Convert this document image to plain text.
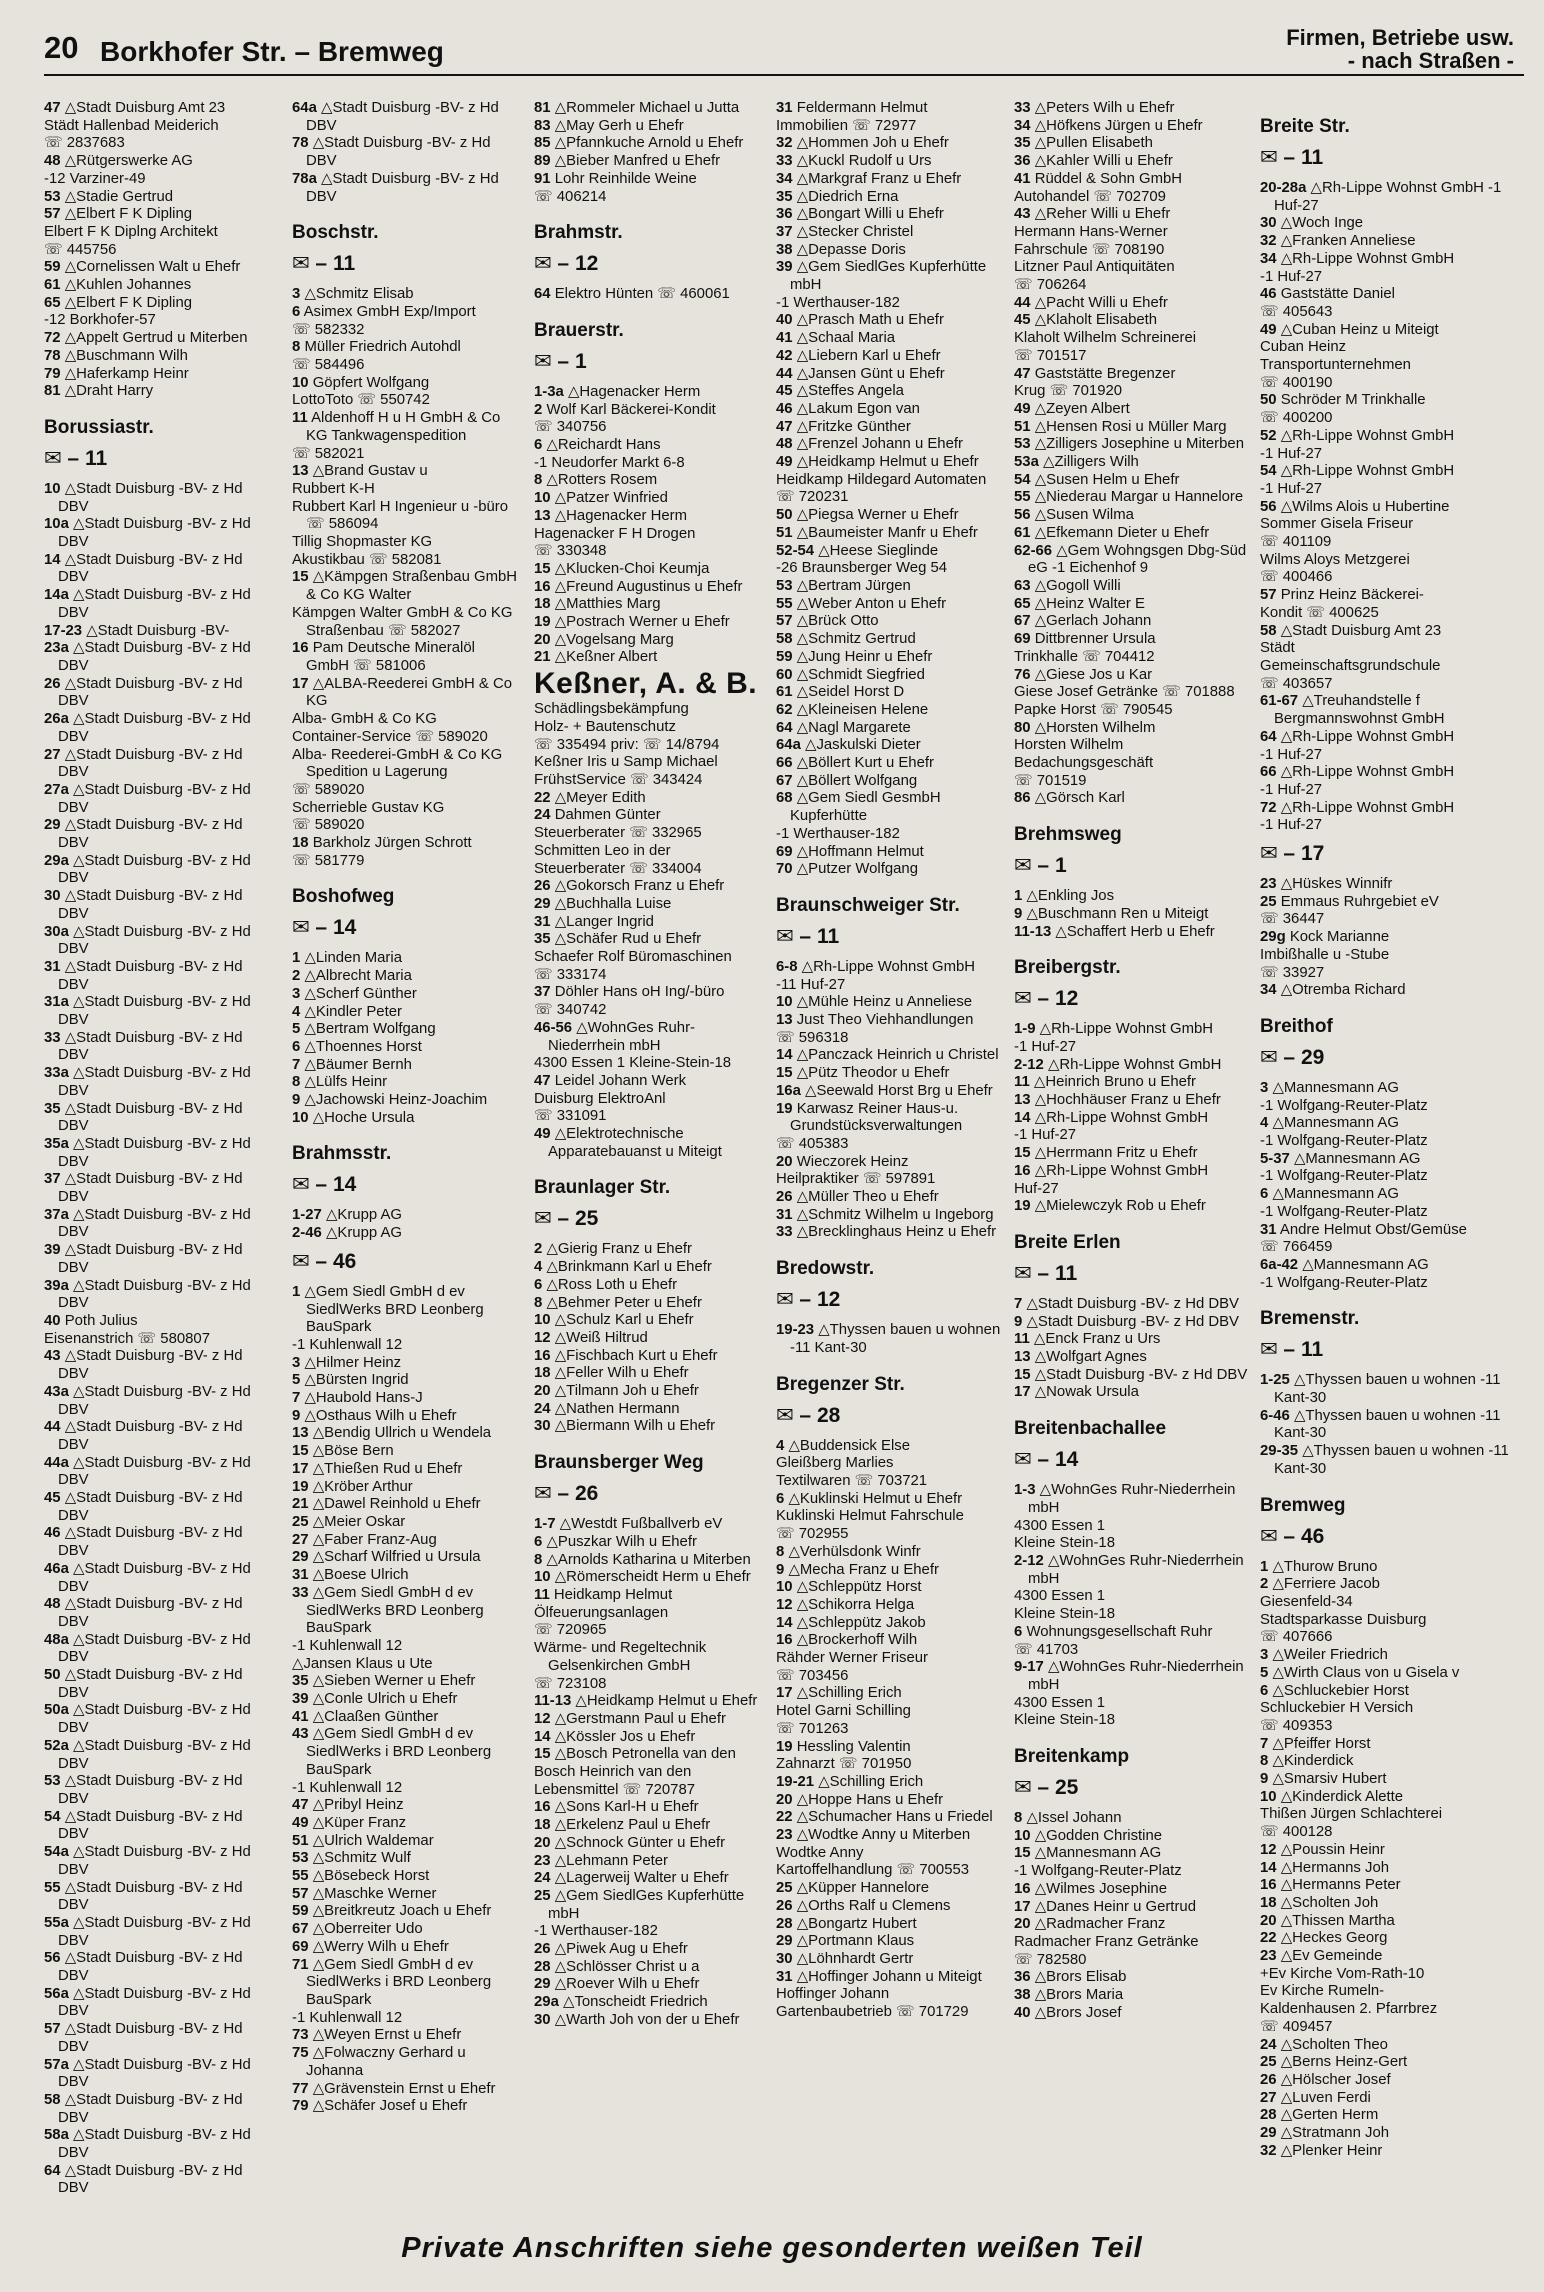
20 Borkhofer Str. – Bremweg	Firmen, Betriebe usw.
- nach Straßen -
47 △Stadt Duisburg Amt 23
Städt Hallenbad Meiderich
☏ 2837683
48 △Rütgerswerke AG
-12 Varziner-49
53 △Stadie Gertrud
57 △Elbert F K Dipling
Elbert F K Diplng Architekt
☏ 445756
59 △Cornelissen Walt u Ehefr
61 △Kuhlen Johannes
65 △Elbert F K Dipling
-12 Borkhofer-57
72 △Appelt Gertrud u Miterben
78 △Buschmann Wilh
79 △Haferkamp Heinr
81 △Draht Harry
Borussiastr.
✉ – 11
10 △Stadt Duisburg -BV- z Hd DBV
10a △Stadt Duisburg -BV- z Hd DBV
14 △Stadt Duisburg -BV- z Hd DBV
14a △Stadt Duisburg -BV- z Hd DBV
17-23 △Stadt Duisburg -BV-
23a △Stadt Duisburg -BV- z Hd DBV
26 △Stadt Duisburg -BV- z Hd DBV
26a △Stadt Duisburg -BV- z Hd DBV
27 △Stadt Duisburg -BV- z Hd DBV
27a △Stadt Duisburg -BV- z Hd DBV
29 △Stadt Duisburg -BV- z Hd DBV
29a △Stadt Duisburg -BV- z Hd DBV
30 △Stadt Duisburg -BV- z Hd DBV
30a △Stadt Duisburg -BV- z Hd DBV
31 △Stadt Duisburg -BV- z Hd DBV
31a △Stadt Duisburg -BV- z Hd DBV
33 △Stadt Duisburg -BV- z Hd DBV
33a △Stadt Duisburg -BV- z Hd DBV
35 △Stadt Duisburg -BV- z Hd DBV
35a △Stadt Duisburg -BV- z Hd DBV
37 △Stadt Duisburg -BV- z Hd DBV
37a △Stadt Duisburg -BV- z Hd DBV
39 △Stadt Duisburg -BV- z Hd DBV
39a △Stadt Duisburg -BV- z Hd DBV
40 Poth Julius
Eisenanstrich ☏ 580807
43 △Stadt Duisburg -BV- z Hd DBV
43a △Stadt Duisburg -BV- z Hd DBV
44 △Stadt Duisburg -BV- z Hd DBV
44a △Stadt Duisburg -BV- z Hd DBV
45 △Stadt Duisburg -BV- z Hd DBV
46 △Stadt Duisburg -BV- z Hd DBV
46a △Stadt Duisburg -BV- z Hd DBV
48 △Stadt Duisburg -BV- z Hd DBV
48a △Stadt Duisburg -BV- z Hd DBV
50 △Stadt Duisburg -BV- z Hd DBV
50a △Stadt Duisburg -BV- z Hd DBV
52a △Stadt Duisburg -BV- z Hd DBV
53 △Stadt Duisburg -BV- z Hd DBV
54 △Stadt Duisburg -BV- z Hd DBV
54a △Stadt Duisburg -BV- z Hd DBV
55 △Stadt Duisburg -BV- z Hd DBV
55a △Stadt Duisburg -BV- z Hd DBV
56 △Stadt Duisburg -BV- z Hd DBV
56a △Stadt Duisburg -BV- z Hd DBV
57 △Stadt Duisburg -BV- z Hd DBV
57a △Stadt Duisburg -BV- z Hd DBV
58 △Stadt Duisburg -BV- z Hd DBV
58a △Stadt Duisburg -BV- z Hd DBV
64 △Stadt Duisburg -BV- z Hd DBV
64a △Stadt Duisburg -BV- z Hd DBV
78 △Stadt Duisburg -BV- z Hd DBV
78a △Stadt Duisburg -BV- z Hd DBV
Boschstr.
✉ – 11
3 △Schmitz Elisab
6 Asimex GmbH Exp/Import
☏ 582332
8 Müller Friedrich Autohdl
☏ 584496
10 Göpfert Wolfgang
LottoToto ☏ 550742
11 Aldenhoff H u H GmbH & Co KG Tankwagenspedition
☏ 582021
13 △Brand Gustav u
Rubbert K-H
Rubbert Karl H Ingenieur u -büro ☏ 586094
Tillig Shopmaster KG
Akustikbau ☏ 582081
15 △Kämpgen Straßenbau GmbH & Co KG Walter
Kämpgen Walter GmbH & Co KG Straßenbau ☏ 582027
16 Pam Deutsche Mineralöl GmbH ☏ 581006
17 △ALBA-Reederei GmbH & Co KG
Alba- GmbH & Co KG
Container-Service ☏ 589020
Alba- Reederei-GmbH & Co KG Spedition u Lagerung
☏ 589020
Scherrieble Gustav KG
☏ 589020
18 Barkholz Jürgen Schrott
☏ 581779
Boshofweg
✉ – 14
1 △Linden Maria
2 △Albrecht Maria
3 △Scherf Günther
4 △Kindler Peter
5 △Bertram Wolfgang
6 △Thoennes Horst
7 △Bäumer Bernh
8 △Lülfs Heinr
9 △Jachowski Heinz-Joachim
10 △Hoche Ursula
Brahmsstr.
✉ – 14
1-27 △Krupp AG
2-46 △Krupp AG
✉ – 46
1 △Gem Siedl GmbH d ev SiedlWerks BRD Leonberg BauSpark
-1 Kuhlenwall 12
3 △Hilmer Heinz
5 △Bürsten Ingrid
7 △Haubold Hans-J
9 △Osthaus Wilh u Ehefr
13 △Bendig Ullrich u Wendela
15 △Böse Bern
17 △Thießen Rud u Ehefr
19 △Kröber Arthur
21 △Dawel Reinhold u Ehefr
25 △Meier Oskar
27 △Faber Franz-Aug
29 △Scharf Wilfried u Ursula
31 △Boese Ulrich
33 △Gem Siedl GmbH d ev SiedlWerks BRD Leonberg BauSpark
-1 Kuhlenwall 12
△Jansen Klaus u Ute
35 △Sieben Werner u Ehefr
39 △Conle Ulrich u Ehefr
41 △Claaßen Günther
43 △Gem Siedl GmbH d ev SiedlWerks i BRD Leonberg BauSpark
-1 Kuhlenwall 12
47 △Pribyl Heinz
49 △Küper Franz
51 △Ulrich Waldemar
53 △Schmitz Wulf
55 △Bösebeck Horst
57 △Maschke Werner
59 △Breitkreutz Joach u Ehefr
67 △Oberreiter Udo
69 △Werry Wilh u Ehefr
71 △Gem Siedl GmbH d ev SiedlWerks i BRD Leonberg BauSpark
-1 Kuhlenwall 12
73 △Weyen Ernst u Ehefr
75 △Folwaczny Gerhard u Johanna
77 △Grävenstein Ernst u Ehefr
79 △Schäfer Josef u Ehefr
81 △Rommeler Michael u Jutta
83 △May Gerh u Ehefr
85 △Pfannkuche Arnold u Ehefr
89 △Bieber Manfred u Ehefr
91 Lohr Reinhilde Weine
☏ 406214
Brahmstr.
✉ – 12
64 Elektro Hünten ☏ 460061
Brauerstr.
✉ – 1
1-3a △Hagenacker Herm
2 Wolf Karl Bäckerei-Kondit
☏ 340756
6 △Reichardt Hans
-1 Neudorfer Markt 6-8
8 △Rotters Rosem
10 △Patzer Winfried
13 △Hagenacker Herm
Hagenacker F H Drogen
☏ 330348
15 △Klucken-Choi Keumja
16 △Freund Augustinus u Ehefr
18 △Matthies Marg
19 △Postrach Werner u Ehefr
20 △Vogelsang Marg
21 △Keßner Albert
Keßner, A. & B.
Schädlingsbekämpfung
Holz- + Bautenschutz
☏ 335494 priv: ☏ 14/8794
Keßner Iris u Samp Michael
FrühstService ☏ 343424
22 △Meyer Edith
24 Dahmen Günter
Steuerberater ☏ 332965
Schmitten Leo in der
Steuerberater ☏ 334004
26 △Gokorsch Franz u Ehefr
29 △Buchhalla Luise
31 △Langer Ingrid
35 △Schäfer Rud u Ehefr
Schaefer Rolf Büromaschinen
☏ 333174
37 Döhler Hans oH Ing/-büro
☏ 340742
46-56 △WohnGes Ruhr-Niederrhein mbH
4300 Essen 1 Kleine-Stein-18
47 Leidel Johann Werk
Duisburg ElektroAnl
☏ 331091
49 △Elektrotechnische Apparatebauanst u Miteigt
Braunlager Str.
✉ – 25
2 △Gierig Franz u Ehefr
4 △Brinkmann Karl u Ehefr
6 △Ross Loth u Ehefr
8 △Behmer Peter u Ehefr
10 △Schulz Karl u Ehefr
12 △Weiß Hiltrud
16 △Fischbach Kurt u Ehefr
18 △Feller Wilh u Ehefr
20 △Tilmann Joh u Ehefr
24 △Nathen Hermann
30 △Biermann Wilh u Ehefr
Braunsberger Weg
✉ – 26
1-7 △Westdt Fußballverb eV
6 △Puszkar Wilh u Ehefr
8 △Arnolds Katharina u Miterben
10 △Römerscheidt Herm u Ehefr
11 Heidkamp Helmut
Ölfeuerungsanlagen
☏ 720965
Wärme- und Regeltechnik Gelsenkirchen GmbH
☏ 723108
11-13 △Heidkamp Helmut u Ehefr
12 △Gerstmann Paul u Ehefr
14 △Kössler Jos u Ehefr
15 △Bosch Petronella van den
Bosch Heinrich van den
Lebensmittel ☏ 720787
16 △Sons Karl-H u Ehefr
18 △Erkelenz Paul u Ehefr
20 △Schnock Günter u Ehefr
23 △Lehmann Peter
24 △Lagerweij Walter u Ehefr
25 △Gem SiedlGes Kupferhütte mbH
-1 Werthauser-182
26 △Piwek Aug u Ehefr
28 △Schlösser Christ u a
29 △Roever Wilh u Ehefr
29a △Tonscheidt Friedrich
30 △Warth Joh von der u Ehefr
31 Feldermann Helmut
Immobilien ☏ 72977
32 △Hommen Joh u Ehefr
33 △Kuckl Rudolf u Urs
34 △Markgraf Franz u Ehefr
35 △Diedrich Erna
36 △Bongart Willi u Ehefr
37 △Stecker Christel
38 △Depasse Doris
39 △Gem SiedlGes Kupferhütte mbH
-1 Werthauser-182
40 △Prasch Math u Ehefr
41 △Schaal Maria
42 △Liebern Karl u Ehefr
44 △Jansen Günt u Ehefr
45 △Steffes Angela
46 △Lakum Egon van
47 △Fritzke Günther
48 △Frenzel Johann u Ehefr
49 △Heidkamp Helmut u Ehefr
Heidkamp Hildegard Automaten
☏ 720231
50 △Piegsa Werner u Ehefr
51 △Baumeister Manfr u Ehefr
52-54 △Heese Sieglinde
-26 Braunsberger Weg 54
53 △Bertram Jürgen
55 △Weber Anton u Ehefr
57 △Brück Otto
58 △Schmitz Gertrud
59 △Jung Heinr u Ehefr
60 △Schmidt Siegfried
61 △Seidel Horst D
62 △Kleineisen Helene
64 △Nagl Margarete
64a △Jaskulski Dieter
66 △Böllert Kurt u Ehefr
67 △Böllert Wolfgang
68 △Gem Siedl GesmbH Kupferhütte
-1 Werthauser-182
69 △Hoffmann Helmut
70 △Putzer Wolfgang
Braunschweiger Str.
✉ – 11
6-8 △Rh-Lippe Wohnst GmbH
-11 Huf-27
10 △Mühle Heinz u Anneliese
13 Just Theo Viehhandlungen
☏ 596318
14 △Panczack Heinrich u Christel
15 △Pütz Theodor u Ehefr
16a △Seewald Horst Brg u Ehefr
19 Karwasz Reiner Haus-u. Grundstücksverwaltungen
☏ 405383
20 Wieczorek Heinz
Heilpraktiker ☏ 597891
26 △Müller Theo u Ehefr
31 △Schmitz Wilhelm u Ingeborg
33 △Brecklinghaus Heinz u Ehefr
Bredowstr.
✉ – 12
19-23 △Thyssen bauen u wohnen -11 Kant-30
Bregenzer Str.
✉ – 28
4 △Buddensick Else
Gleißberg Marlies
Textilwaren ☏ 703721
6 △Kuklinski Helmut u Ehefr
Kuklinski Helmut Fahrschule
☏ 702955
8 △Verhülsdonk Winfr
9 △Mecha Franz u Ehefr
10 △Schleppütz Horst
12 △Schikorra Helga
14 △Schleppütz Jakob
16 △Brockerhoff Wilh
Rähder Werner Friseur
☏ 703456
17 △Schilling Erich
Hotel Garni Schilling
☏ 701263
19 Hessling Valentin
Zahnarzt ☏ 701950
19-21 △Schilling Erich
20 △Hoppe Hans u Ehefr
22 △Schumacher Hans u Friedel
23 △Wodtke Anny u Miterben
Wodtke Anny
Kartoffelhandlung ☏ 700553
25 △Küpper Hannelore
26 △Orths Ralf u Clemens
28 △Bongartz Hubert
29 △Portmann Klaus
30 △Löhnhardt Gertr
31 △Hoffinger Johann u Miteigt
Hoffinger Johann
Gartenbaubetrieb ☏ 701729
33 △Peters Wilh u Ehefr
34 △Höfkens Jürgen u Ehefr
35 △Pullen Elisabeth
36 △Kahler Willi u Ehefr
41 Rüddel & Sohn GmbH
Autohandel ☏ 702709
43 △Reher Willi u Ehefr
Hermann Hans-Werner
Fahrschule ☏ 708190
Litzner Paul Antiquitäten
☏ 706264
44 △Pacht Willi u Ehefr
45 △Klaholt Elisabeth
Klaholt Wilhelm Schreinerei
☏ 701517
47 Gaststätte Bregenzer
Krug ☏ 701920
49 △Zeyen Albert
51 △Hensen Rosi u Müller Marg
53 △Zilligers Josephine u Miterben
53a △Zilligers Wilh
54 △Susen Helm u Ehefr
55 △Niederau Margar u Hannelore
56 △Susen Wilma
61 △Efkemann Dieter u Ehefr
62-66 △Gem Wohngsgen Dbg-Süd eG -1 Eichenhof 9
63 △Gogoll Willi
65 △Heinz Walter E
67 △Gerlach Johann
69 Dittbrenner Ursula
Trinkhalle ☏ 704412
76 △Giese Jos u Kar
Giese Josef Getränke ☏ 701888
Papke Horst ☏ 790545
80 △Horsten Wilhelm
Horsten Wilhelm
Bedachungsgeschäft
☏ 701519
86 △Görsch Karl
Brehmsweg
✉ – 1
1 △Enkling Jos
9 △Buschmann Ren u Miteigt
11-13 △Schaffert Herb u Ehefr
Breibergstr.
✉ – 12
1-9 △Rh-Lippe Wohnst GmbH
-1 Huf-27
2-12 △Rh-Lippe Wohnst GmbH
11 △Heinrich Bruno u Ehefr
13 △Hochhäuser Franz u Ehefr
14 △Rh-Lippe Wohnst GmbH
-1 Huf-27
15 △Herrmann Fritz u Ehefr
16 △Rh-Lippe Wohnst GmbH
Huf-27
19 △Mielewczyk Rob u Ehefr
Breite Erlen
✉ – 11
7 △Stadt Duisburg -BV- z Hd DBV
9 △Stadt Duisburg -BV- z Hd DBV
11 △Enck Franz u Urs
13 △Wolfgart Agnes
15 △Stadt Duisburg -BV- z Hd DBV
17 △Nowak Ursula
Breitenbachallee
✉ – 14
1-3 △WohnGes Ruhr-Niederrhein mbH
4300 Essen 1
Kleine Stein-18
2-12 △WohnGes Ruhr-Niederrhein mbH
4300 Essen 1
Kleine Stein-18
6 Wohnungsgesellschaft Ruhr
☏ 41703
9-17 △WohnGes Ruhr-Niederrhein mbH
4300 Essen 1
Kleine Stein-18
Breitenkamp
✉ – 25
8 △Issel Johann
10 △Godden Christine
15 △Mannesmann AG
-1 Wolfgang-Reuter-Platz
16 △Wilmes Josephine
17 △Danes Heinr u Gertrud
20 △Radmacher Franz
Radmacher Franz Getränke
☏ 782580
36 △Brors Elisab
38 △Brors Maria
40 △Brors Josef
Breite Str.
✉ – 11
20-28a △Rh-Lippe Wohnst GmbH -1 Huf-27
30 △Woch Inge
32 △Franken Anneliese
34 △Rh-Lippe Wohnst GmbH
-1 Huf-27
46 Gaststätte Daniel
☏ 405643
49 △Cuban Heinz u Miteigt
Cuban Heinz
Transportunternehmen
☏ 400190
50 Schröder M Trinkhalle
☏ 400200
52 △Rh-Lippe Wohnst GmbH
-1 Huf-27
54 △Rh-Lippe Wohnst GmbH
-1 Huf-27
56 △Wilms Alois u Hubertine
Sommer Gisela Friseur
☏ 401109
Wilms Aloys Metzgerei
☏ 400466
57 Prinz Heinz Bäckerei-
Kondit ☏ 400625
58 △Stadt Duisburg Amt 23
Städt
Gemeinschaftsgrundschule
☏ 403657
61-67 △Treuhandstelle f Bergmannswohnst GmbH
64 △Rh-Lippe Wohnst GmbH
-1 Huf-27
66 △Rh-Lippe Wohnst GmbH
-1 Huf-27
72 △Rh-Lippe Wohnst GmbH
-1 Huf-27
✉ – 17
23 △Hüskes Winnifr
25 Emmaus Ruhrgebiet eV
☏ 36447
29g Kock Marianne
Imbißhalle u -Stube
☏ 33927
34 △Otremba Richard
Breithof
✉ – 29
3 △Mannesmann AG
-1 Wolfgang-Reuter-Platz
4 △Mannesmann AG
-1 Wolfgang-Reuter-Platz
5-37 △Mannesmann AG
-1 Wolfgang-Reuter-Platz
6 △Mannesmann AG
-1 Wolfgang-Reuter-Platz
31 Andre Helmut Obst/Gemüse
☏ 766459
6a-42 △Mannesmann AG
-1 Wolfgang-Reuter-Platz
Bremenstr.
✉ – 11
1-25 △Thyssen bauen u wohnen -11 Kant-30
6-46 △Thyssen bauen u wohnen -11 Kant-30
29-35 △Thyssen bauen u wohnen -11 Kant-30
Bremweg
✉ – 46
1 △Thurow Bruno
2 △Ferriere Jacob
Giesenfeld-34
Stadtsparkasse Duisburg
☏ 407666
3 △Weiler Friedrich
5 △Wirth Claus von u Gisela v
6 △Schluckebier Horst
Schluckebier H Versich
☏ 409353
7 △Pfeiffer Horst
8 △Kinderdick
9 △Smarsiv Hubert
10 △Kinderdick Alette
Thißen Jürgen Schlachterei
☏ 400128
12 △Poussin Heinr
14 △Hermanns Joh
16 △Hermanns Peter
18 △Scholten Joh
20 △Thissen Martha
22 △Heckes Georg
23 △Ev Gemeinde
+Ev Kirche Vom-Rath-10
Ev Kirche Rumeln-
Kaldenhausen 2. Pfarrbrez
☏ 409457
24 △Scholten Theo
25 △Berns Heinz-Gert
26 △Hölscher Josef
27 △Luven Ferdi
28 △Gerten Herm
29 △Stratmann Joh
32 △Plenker Heinr
Private Anschriften siehe gesonderten weißen Teil
